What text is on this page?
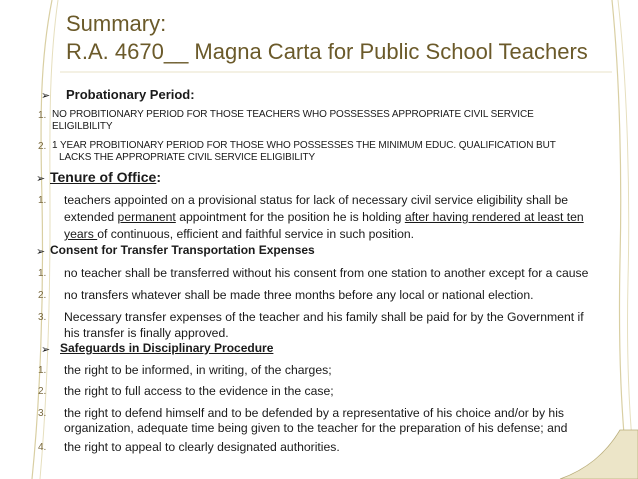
Summary:
R.A. 4670__ Magna Carta for Public School Teachers
➢ Probationary Period:
1. NO PROBITIONARY PERIOD FOR THOSE TEACHERS WHO POSSESSES APPROPRIATE CIVIL SERVICE
ELIGILBILITY
2. 1 YEAR PROBITIONARY PERIOD FOR THOSE WHO POSSESSES THE MINIMUM EDUC. QUALIFICATION BUT
LACKS THE APPROPRIATE CIVIL SERVICE ELIGIBILITY
➢ Tenure of Office:
1. teachers appointed on a provisional status for lack of necessary civil service eligibility shall be
extended permanent appointment for the position he is holding after having rendered at least ten
years of continuous, efficient and faithful service in such position.
➢ Consent for Transfer Transportation Expenses
1. no teacher shall be transferred without his consent from one station to another except for a cause
2. no transfers whatever shall be made three months before any local or national election.
3. Necessary transfer expenses of the teacher and his family shall be paid for by the Government if
his transfer is finally approved.
➢ Safeguards in Disciplinary Procedure
1. the right to be informed, in writing, of the charges;
2. the right to full access to the evidence in the case;
3. the right to defend himself and to be defended by a representative of his choice and/or by his
organization, adequate time being given to the teacher for the preparation of his defense; and
4. the right to appeal to clearly designated authorities.
